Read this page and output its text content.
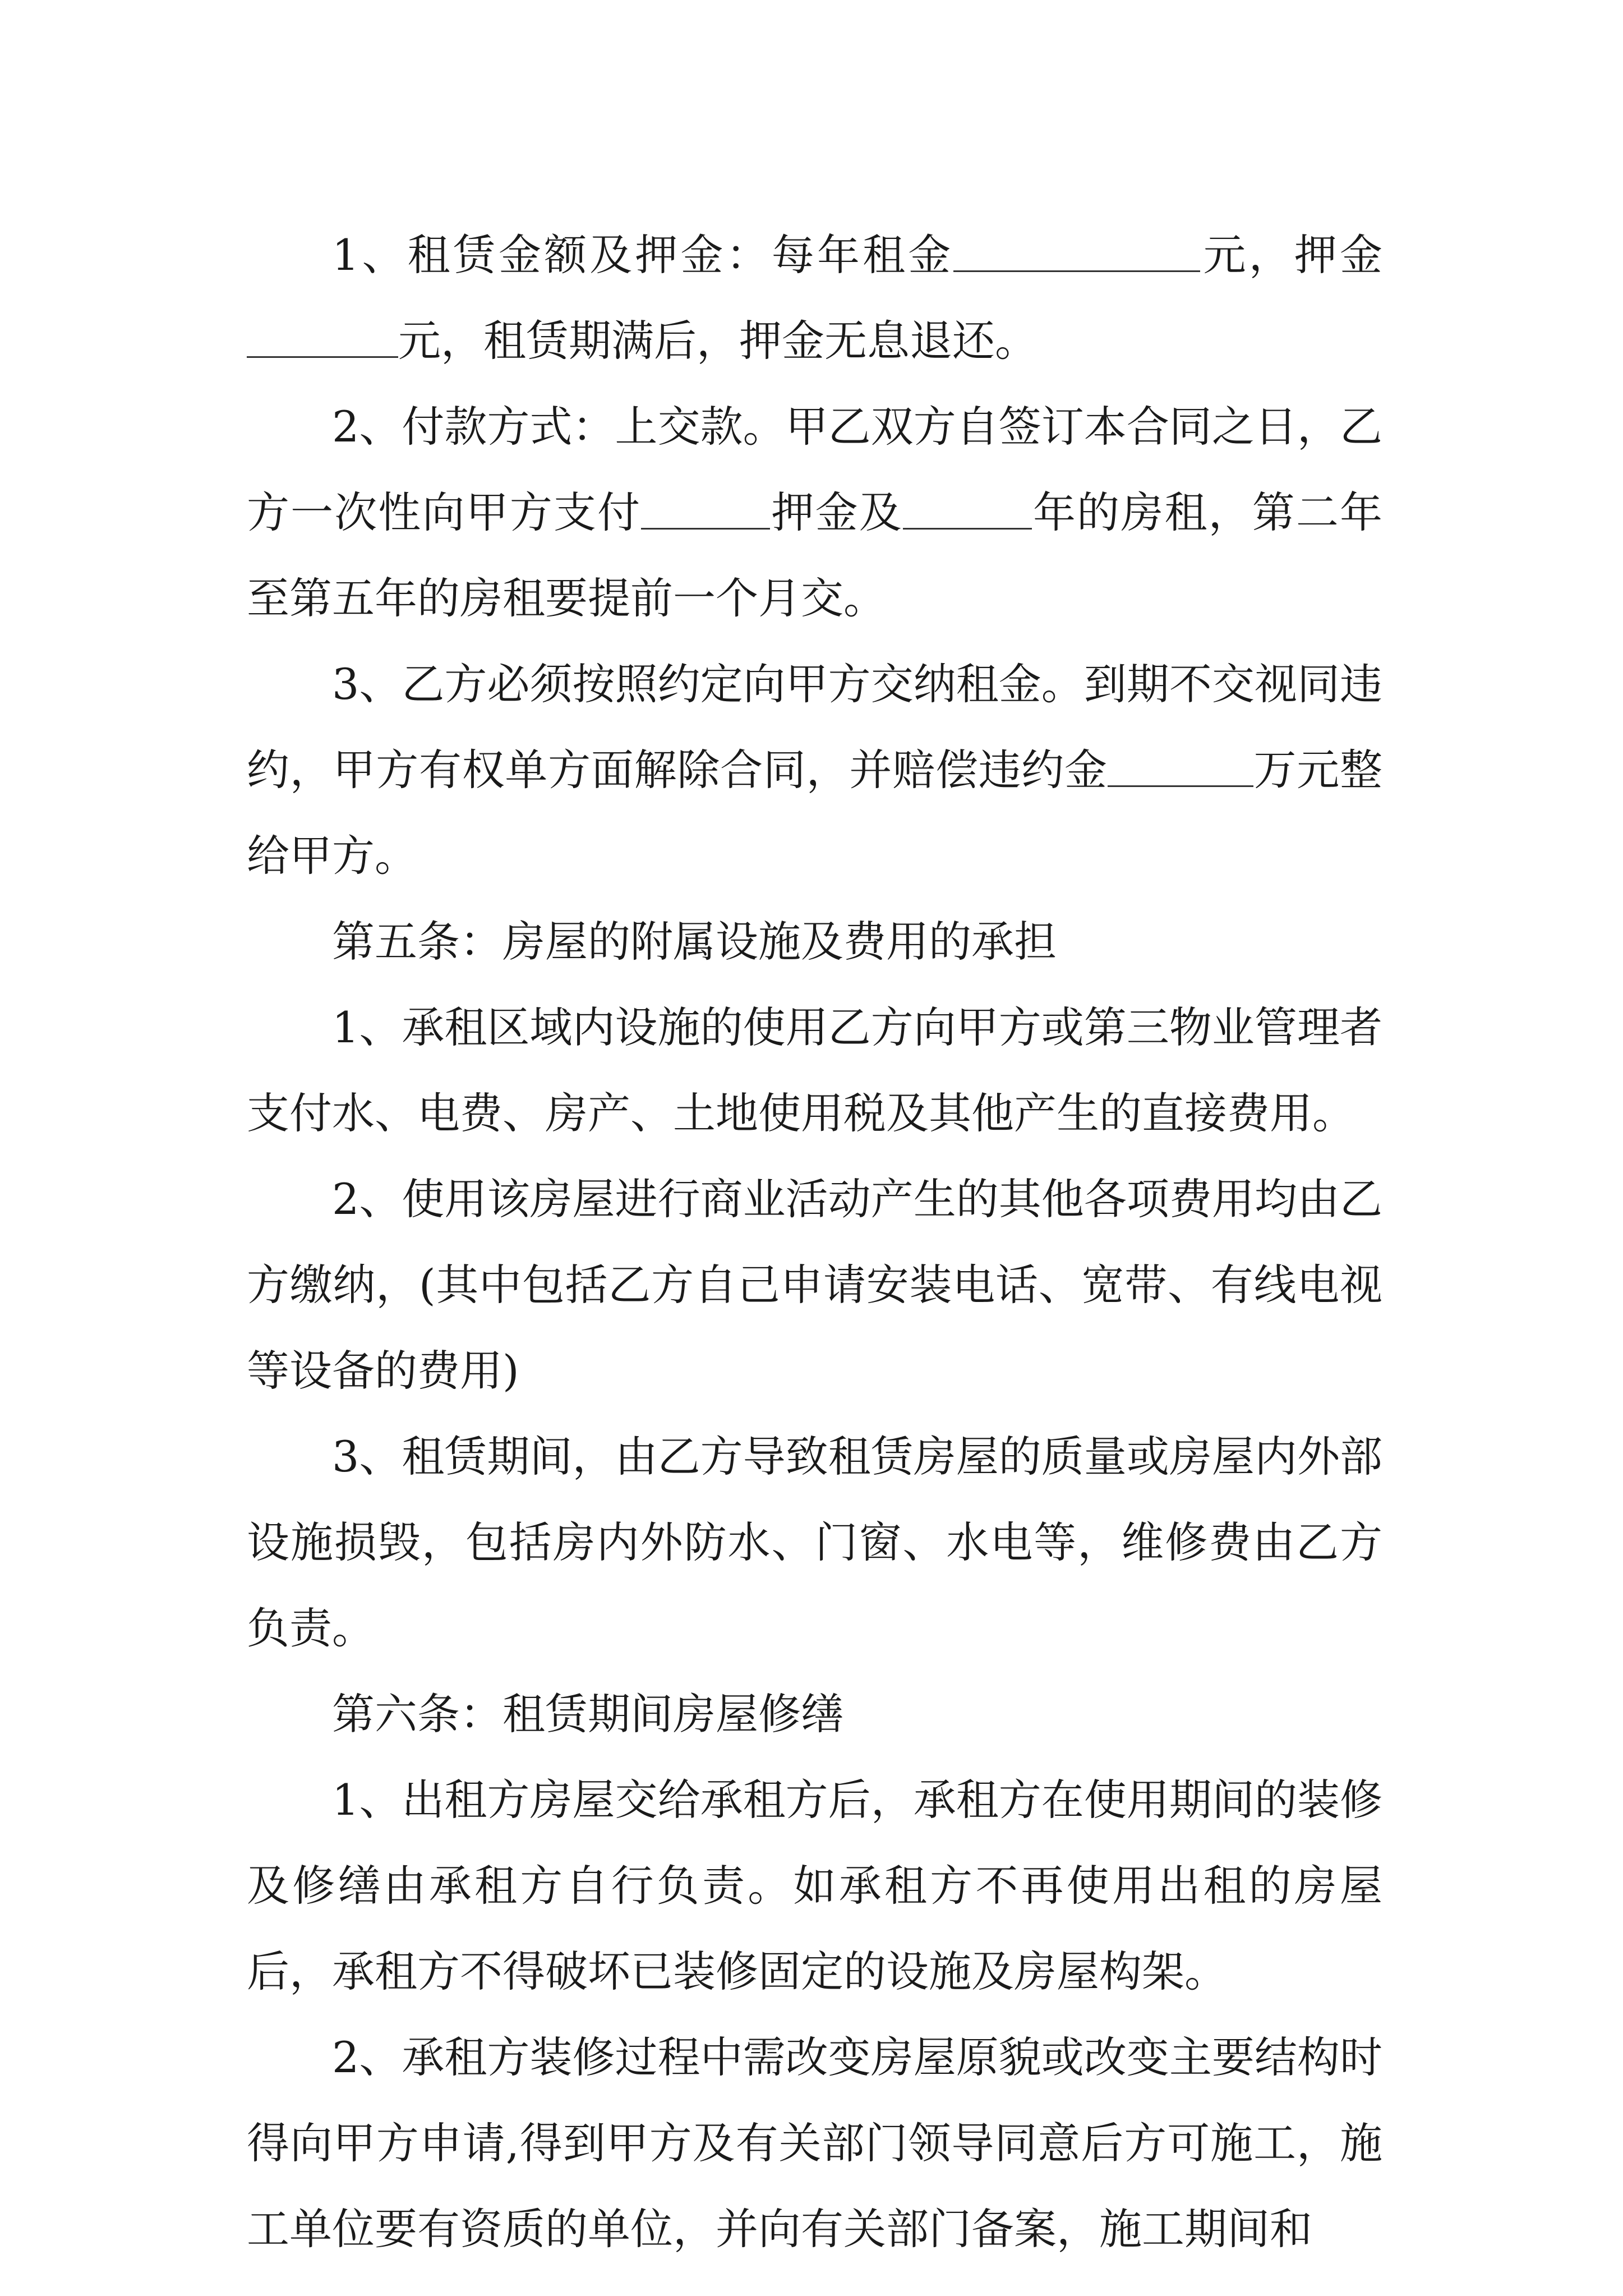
1、租赁金额及押金：每年租金	元，押金元，租赁期满后，押金无息退还。

2、付款方式：上交款。甲乙双方自签订本合同之日，乙方一次性向甲方支付	押金及	年的房租，第二年至第五年的房租要提前一个月交。

3、乙方必须按照约定向甲方交纳租金。到期不交视同违约，甲方有权单方面解除合同，并赔偿违约金	万元整给甲方。

第五条：房屋的附属设施及费用的承担

1、承租区域内设施的使用乙方向甲方或第三物业管理者支付水、电费、房产、土地使用税及其他产生的直接费用。

2、使用该房屋进行商业活动产生的其他各项费用均由乙方缴纳，(其中包括乙方自己申请安装电话、宽带、有线电视等设备的费用)

3、租赁期间，由乙方导致租赁房屋的质量或房屋内外部设施损毁，包括房内外防水、门窗、水电等，维修费由乙方负责。

第六条：租赁期间房屋修缮

1、出租方房屋交给承租方后，承租方在使用期间的装修及修缮由承租方自行负责。如承租方不再使用出租的房屋后，承租方不得破坏已装修固定的设施及房屋构架。

2、承租方装修过程中需改变房屋原貌或改变主要结构时得向甲方申请,得到甲方及有关部门领导同意后方可施工，施工单位要有资质的单位，并向有关部门备案，施工期间和
